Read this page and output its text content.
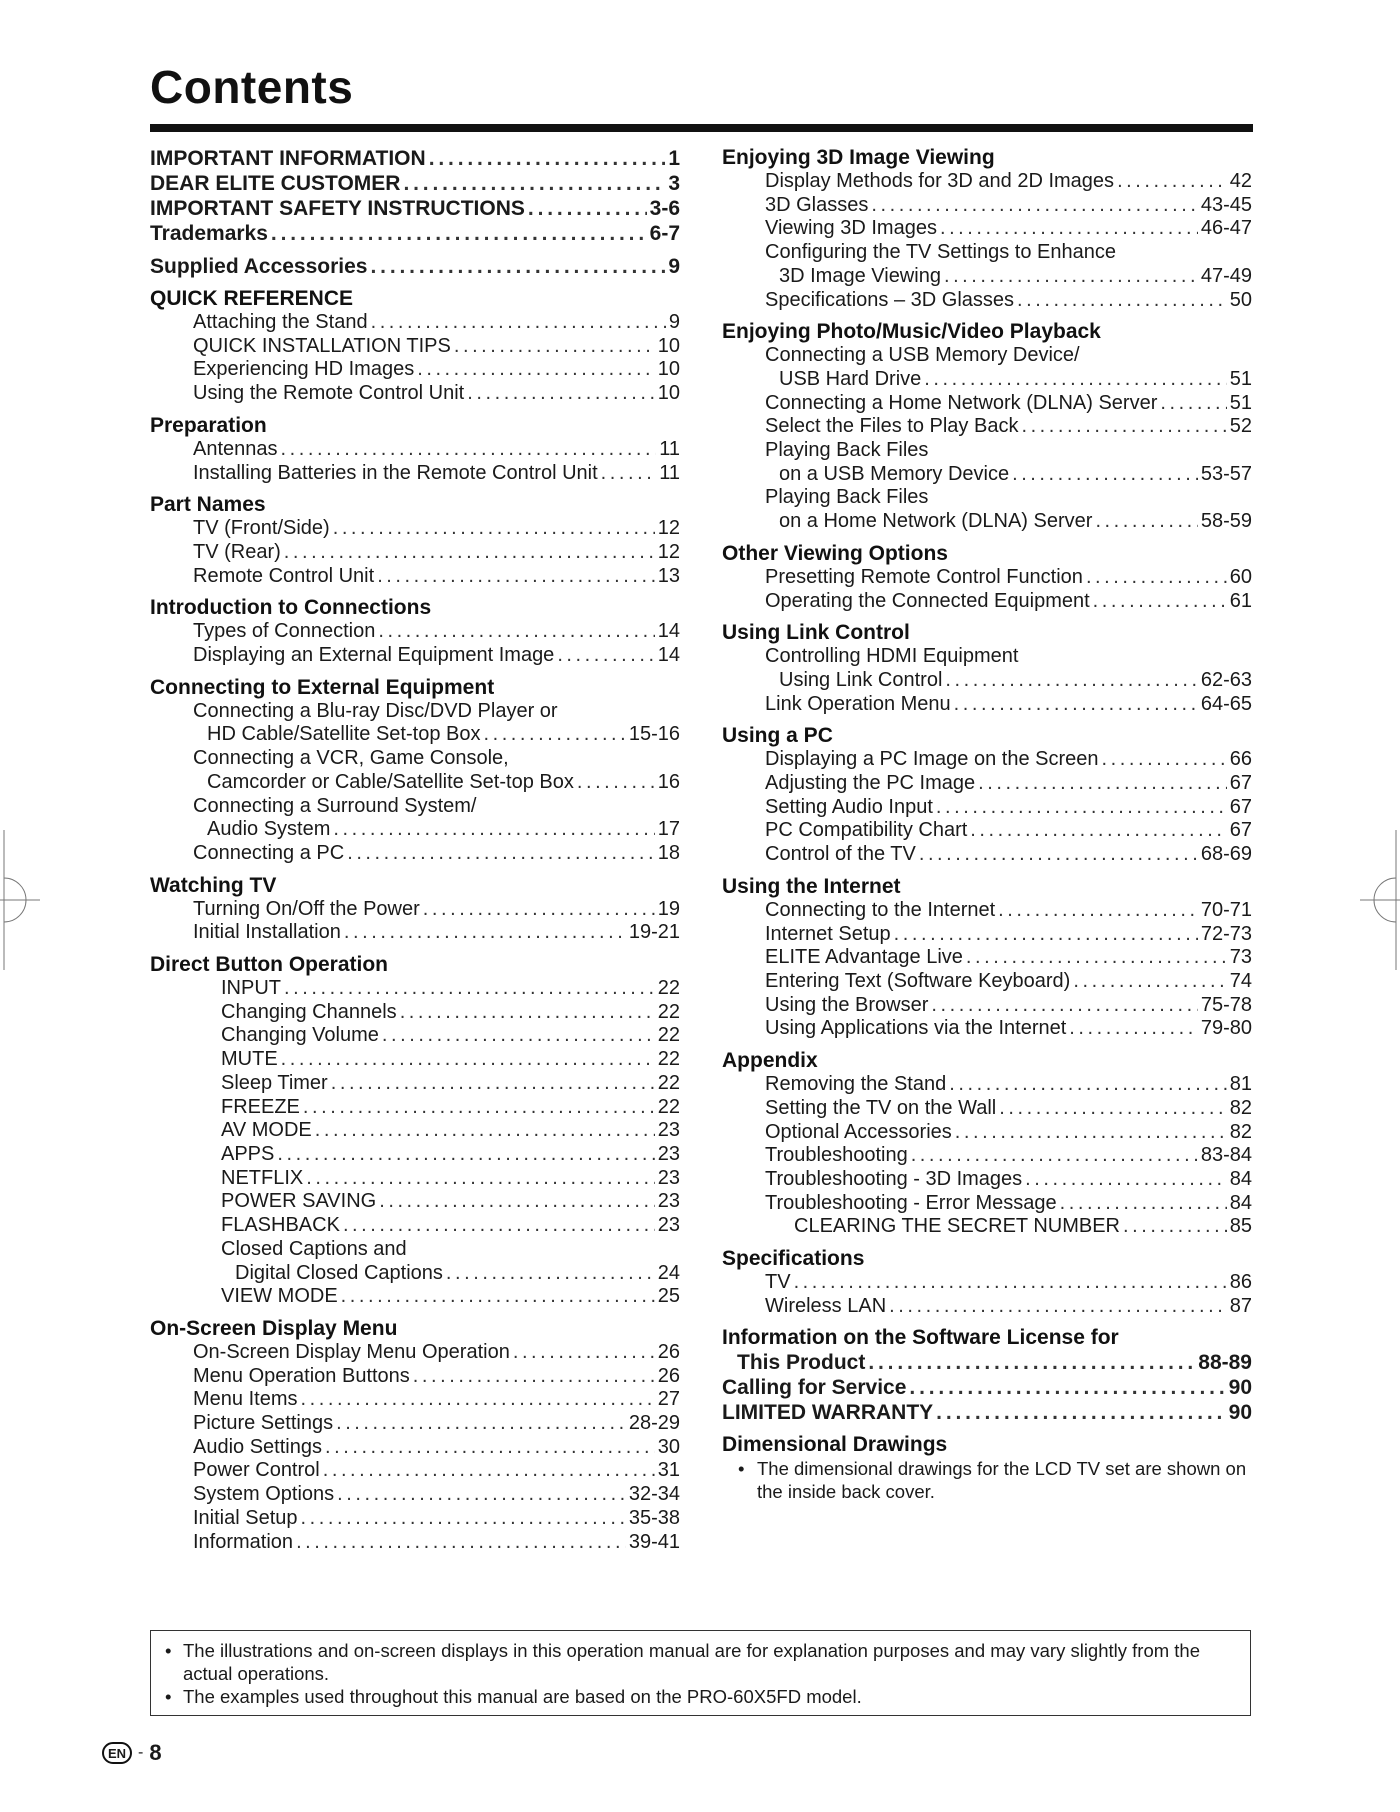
Contents
IMPORTANT INFORMATION . . .	1
DEAR ELITE CUSTOMER . . .	3
IMPORTANT SAFETY INSTRUCTIONS . . .	3-6
Trademarks . . .	6-7
Supplied Accessories . . .	9
QUICK REFERENCE
Attaching the Stand . . .	9
QUICK INSTALLATION TIPS . . .	10
Experiencing HD Images . . .	10
Using the Remote Control Unit . . .	10
Preparation
Antennas . . .	11
Installing Batteries in the Remote Control Unit . . .	11
Part Names
TV (Front/Side) . . .	12
TV (Rear) . . .	12
Remote Control Unit . . .	13
Introduction to Connections
Types of Connection . . .	14
Displaying an External Equipment Image . . .	14
Connecting to External Equipment
Connecting a Blu-ray Disc/DVD Player or
HD Cable/Satellite Set-top Box . . .	15-16
Connecting a VCR, Game Console,
Camcorder or Cable/Satellite Set-top Box . . .	16
Connecting a Surround System/
Audio System . . .	17
Connecting a PC . . .	18
Watching TV
Turning On/Off the Power . . .	19
Initial Installation . . .	19-21
Direct Button Operation
INPUT . . .	22
Changing Channels . . .	22
Changing Volume . . .	22
MUTE . . .	22
Sleep Timer . . .	22
FREEZE . . .	22
AV MODE . . .	23
APPS . . .	23
NETFLIX . . .	23
POWER SAVING . . .	23
FLASHBACK . . .	23
Closed Captions and
Digital Closed Captions . . .	24
VIEW MODE . . .	25
On-Screen Display Menu
On-Screen Display Menu Operation . . .	26
Menu Operation Buttons . . .	26
Menu Items . . .	27
Picture Settings . . .	28-29
Audio Settings . . .	30
Power Control . . .	31
System Options . . .	32-34
Initial Setup . . .	35-38
Information . . .	39-41
Enjoying 3D Image Viewing
Display Methods for 3D and 2D Images . . .	42
3D Glasses . . .	43-45
Viewing 3D Images . . .	46-47
Configuring the TV Settings to Enhance
3D Image Viewing . . .	47-49
Specifications – 3D Glasses . . .	50
Enjoying Photo/Music/Video Playback
Connecting a USB Memory Device/
USB Hard Drive . . .	51
Connecting a Home Network (DLNA) Server . . .	51
Select the Files to Play Back . . .	52
Playing Back Files
on a USB Memory Device . . .	53-57
Playing Back Files
on a Home Network (DLNA) Server . . .	58-59
Other Viewing Options
Presetting Remote Control Function . . .	60
Operating the Connected Equipment . . .	61
Using Link Control
Controlling HDMI Equipment
Using Link Control . . .	62-63
Link Operation Menu . . .	64-65
Using a PC
Displaying a PC Image on the Screen . . .	66
Adjusting the PC Image . . .	67
Setting Audio Input . . .	67
PC Compatibility Chart . . .	67
Control of the TV . . .	68-69
Using the Internet
Connecting to the Internet . . .	70-71
Internet Setup . . .	72-73
ELITE Advantage Live . . .	73
Entering Text (Software Keyboard) . . .	74
Using the Browser . . .	75-78
Using Applications via the Internet . . .	79-80
Appendix
Removing the Stand . . .	81
Setting the TV on the Wall . . .	82
Optional Accessories . . .	82
Troubleshooting . . .	83-84
Troubleshooting - 3D Images . . .	84
Troubleshooting - Error Message . . .	84
CLEARING THE SECRET NUMBER . . .	85
Specifications
TV . . .	86
Wireless LAN . . .	87
Information on the Software License for
This Product . . .	88-89
Calling for Service . . .	90
LIMITED WARRANTY . . .	90
Dimensional Drawings
• The dimensional drawings for the LCD TV set are shown on the inside back cover.
• The illustrations and on-screen displays in this operation manual are for explanation purposes and may vary slightly from the actual operations.
• The examples used throughout this manual are based on the PRO-60X5FD model.
EN - 8
